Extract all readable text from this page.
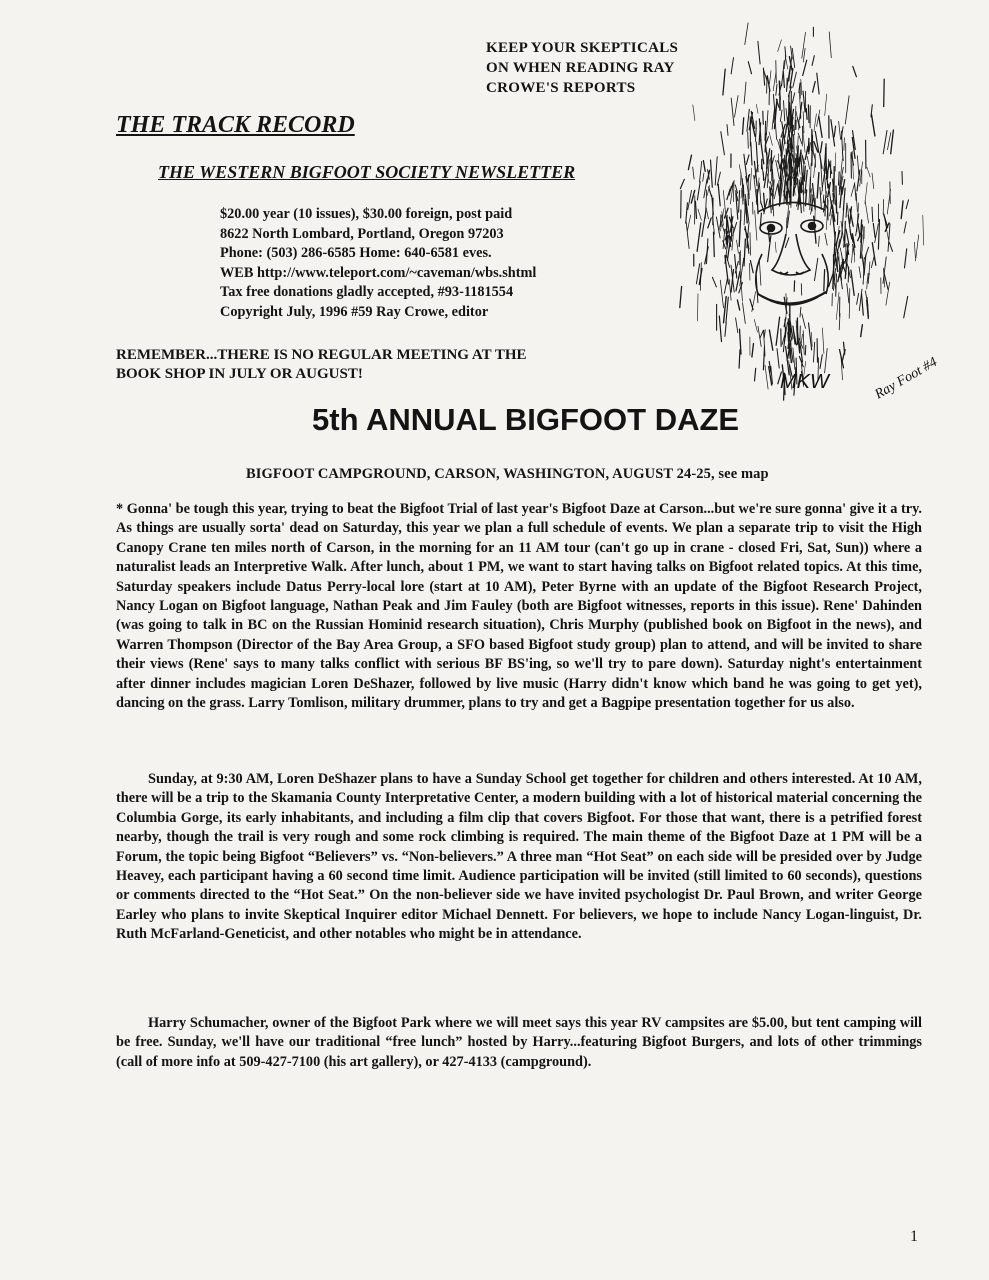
MKW	Ray Foot #4
KEEP YOUR SKEPTICALS
ON WHEN READING RAY
CROWE'S REPORTS
THE TRACK RECORD
THE WESTERN BIGFOOT SOCIETY NEWSLETTER
$20.00 year (10 issues), $30.00 foreign, post paid
8622 North Lombard, Portland, Oregon 97203
Phone: (503) 286-6585 Home: 640-6581 eves.
WEB http://www.teleport.com/~caveman/wbs.shtml
Tax free donations gladly accepted, #93-1181554
Copyright July, 1996 #59 Ray Crowe, editor
REMEMBER...THERE IS NO REGULAR MEETING AT THE
BOOK SHOP IN JULY OR AUGUST!
5th ANNUAL BIGFOOT DAZE
BIGFOOT CAMPGROUND, CARSON, WASHINGTON, AUGUST 24-25, see map

* Gonna' be tough this year, trying to beat the Bigfoot Trial of last year's Bigfoot Daze at Carson...but we're sure gonna' give it a try. As things are usually sorta' dead on Saturday, this year we plan a full schedule of events. We plan a separate trip to visit the High Canopy Crane ten miles north of Carson, in the morning for an 11 AM tour (can't go up in crane - closed Fri, Sat, Sun)) where a naturalist leads an Interpretive Walk. After lunch, about 1 PM, we want to start having talks on Bigfoot related topics. At this time, Saturday speakers include Datus Perry-local lore (start at 10 AM), Peter Byrne with an update of the Bigfoot Research Project, Nancy Logan on Bigfoot language, Nathan Peak and Jim Fauley (both are Bigfoot witnesses, reports in this issue). Rene' Dahinden (was going to talk in BC on the Russian Hominid research situation), Chris Murphy (published book on Bigfoot in the news), and Warren Thompson (Director of the Bay Area Group, a SFO based Bigfoot study group) plan to attend, and will be invited to share their views (Rene' says to many talks conflict with serious BF BS'ing, so we'll try to pare down). Saturday night's entertainment after dinner includes magician Loren DeShazer, followed by live music (Harry didn't know which band he was going to get yet), dancing on the grass. Larry Tomlison, military drummer, plans to try and get a Bagpipe presentation together for us also.

Sunday, at 9:30 AM, Loren DeShazer plans to have a Sunday School get together for children and others interested. At 10 AM, there will be a trip to the Skamania County Interpretative Center, a modern building with a lot of historical material concerning the Columbia Gorge, its early inhabitants, and including a film clip that covers Bigfoot. For those that want, there is a petrified forest nearby, though the trail is very rough and some rock climbing is required. The main theme of the Bigfoot Daze at 1 PM will be a Forum, the topic being Bigfoot “Believers” vs. “Non-believers.” A three man “Hot Seat” on each side will be presided over by Judge Heavey, each participant having a 60 second time limit. Audience participation will be invited (still limited to 60 seconds), questions or comments directed to the “Hot Seat.” On the non-believer side we have invited psychologist Dr. Paul Brown, and writer George Earley who plans to invite Skeptical Inquirer editor Michael Dennett. For believers, we hope to include Nancy Logan-linguist, Dr. Ruth McFarland-Geneticist, and other notables who might be in attendance.

Harry Schumacher, owner of the Bigfoot Park where we will meet says this year RV campsites are $5.00, but tent camping will be free. Sunday, we'll have our traditional “free lunch” hosted by Harry...featuring Bigfoot Burgers, and lots of other trimmings (call of more info at 509-427-7100 (his art gallery), or 427-4133 (campground).

1
